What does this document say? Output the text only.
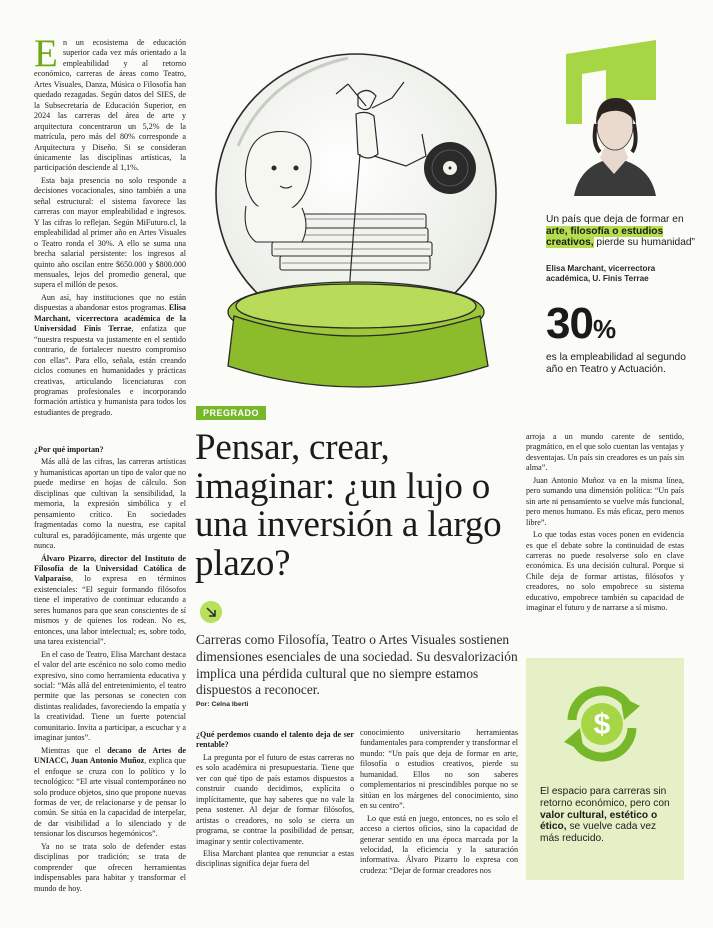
En un ecosistema de educación superior cada vez más orientado a la empleabilidad y al retorno económico, carreras de áreas como Teatro, Artes Visuales, Danza, Música o Filosofía han quedado rezagadas. Según datos del SIES, de la Subsecretaría de Educación Superior, en 2024 las carreras del área de arte y arquitectura concentraron un 5,2% de la matrícula, pero más del 80% corresponde a Arquitectura y Diseño. Si se consideran únicamente las disciplinas artísticas, la participación desciende al 1,1%.

Esta baja presencia no solo responde a decisiones vocacionales, sino también a una señal estructural: el sistema favorece las carreras con mayor empleabilidad e ingresos. Y las cifras lo reflejan. Según MiFuturo.cl, la empleabilidad al primer año en Artes Visuales o Teatro ronda el 30%. A ello se suma una brecha salarial persistente: los ingresos al quinto año oscilan entre $650.000 y $800.000 mensuales, lejos del promedio general, que supera el millón de pesos.

Aun así, hay instituciones que no están dispuestas a abandonar estos programas. Elisa Marchant, vicerrectora académica de la Universidad Finis Terrae, enfatiza que “nuestra respuesta va justamente en el sentido contrario, de fortalecer nuestro compromiso con ellas”. Para ello, señala, están creando ciclos comunes en humanidades y prácticas creativas, articulando licenciaturas con programas profesionales e incorporando formación artística y humanista para todos los estudiantes de pregrado.

Un país que deja de formar en arte, filosofía o estudios creativos, pierde su humanidad”
Elisa Marchant, vicerrectora académica, U. Finis Terrae
30%
es la empleabilidad al segundo año en Teatro y Actuación.
PREGRADO
Pensar, crear, imaginar: ¿un lujo o una inversión a largo plazo?
Carreras como Filosofía, Teatro o Artes Visuales sostienen dimensiones esenciales de una sociedad. Su desvalorización implica una pérdida cultural que no siempre estamos dispuestos a reconocer.
Por: Celna Iberti

¿Por qué importan?

Más allá de las cifras, las carreras artísticas y humanísticas aportan un tipo de valor que no puede medirse en hojas de cálculo. Son disciplinas que cultivan la sensibilidad, la memoria, la expresión simbólica y el pensamiento crítico. En sociedades fragmentadas como la nuestra, ese capital cultural es, paradójicamente, más urgente que nunca.

Álvaro Pizarro, director del Instituto de Filosofía de la Universidad Católica de Valparaíso, lo expresa en términos existenciales: “El seguir formando filósofos tiene el imperativo de continuar educando a seres humanos para que sean conscientes de sí mismos y de quienes los rodean. No es, entonces, una labor intelectual; es, sobre todo, una tarea existencial”.

En el caso de Teatro, Elisa Marchant destaca el valor del arte escénico no solo como medio expresivo, sino como herramienta educativa y social: “Más allá del entretenimiento, el teatro permite que las personas se conecten con distintas realidades, favoreciendo la empatía y la creatividad. Tiene un fuerte potencial comunitario. Invita a participar, a escuchar y a imaginar juntos”.

Mientras que el decano de Artes de UNIACC, Juan Antonio Muñoz, explica que el enfoque se cruza con lo político y lo tecnológico: “El arte visual contemporáneo no solo produce objetos, sino que propone nuevas formas de ver, de relacionarse y de pensar lo común. Se sitúa en la capacidad de interpelar, de dar visibilidad a lo silenciado y de tensionar los discursos hegemónicos”.

Ya no se trata solo de defender estas disciplinas por tradición; se trata de comprender que ofrecen herramientas indispensables para habitar y transformar el mundo de hoy.

¿Qué perdemos cuando el talento deja de ser rentable?

La pregunta por el futuro de estas carreras no es solo académica ni presupuestaria. Tiene que ver con qué tipo de país estamos dispuestos a construir cuando decidimos, explícita o implícitamente, que hay saberes que no vale la pena sostener. Al dejar de formar filósofos, artistas o creadores, no solo se cierra un programa, se contrae la posibilidad de pensar, imaginar y sentir colectivamente.

Elisa Marchant plantea que renunciar a estas disciplinas significa dejar fuera del

conocimiento universitario herramientas fundamentales para comprender y transformar el mundo: “Un país que deja de formar en arte, filosofía o estudios creativos, pierde su humanidad. Ellos no son saberes complementarios ni prescindibles porque no se sitúan en los márgenes del conocimiento, sino en su centro”.

Lo que está en juego, entonces, no es solo el acceso a ciertos oficios, sino la capacidad de generar sentido en una época marcada por la velocidad, la eficiencia y la saturación informativa. Álvaro Pizarro lo expresa con crudeza: “Dejar de formar creadores nos

arroja a un mundo carente de sentido, pragmático, en el que solo cuentan las ventajas y desventajas. Un país sin creadores es un país sin alma”.

Juan Antonio Muñoz va en la misma línea, pero sumando una dimensión política: “Un país sin arte ni pensamiento se vuelve más funcional, pero menos humano. Es más eficaz, pero menos libre”.

Lo que todas estas voces ponen en evidencia es que el debate sobre la continuidad de estas carreras no puede resolverse solo en clave económica. Es una decisión cultural. Porque si Chile deja de formar artistas, filósofos y creadores, no solo empobrece su sistema educativo, empobrece también su capacidad de imaginar el futuro y de narrarse a sí mismo.

$
El espacio para carreras sin retorno económico, pero con valor cultural, estético o ético, se vuelve cada vez más reducido.
